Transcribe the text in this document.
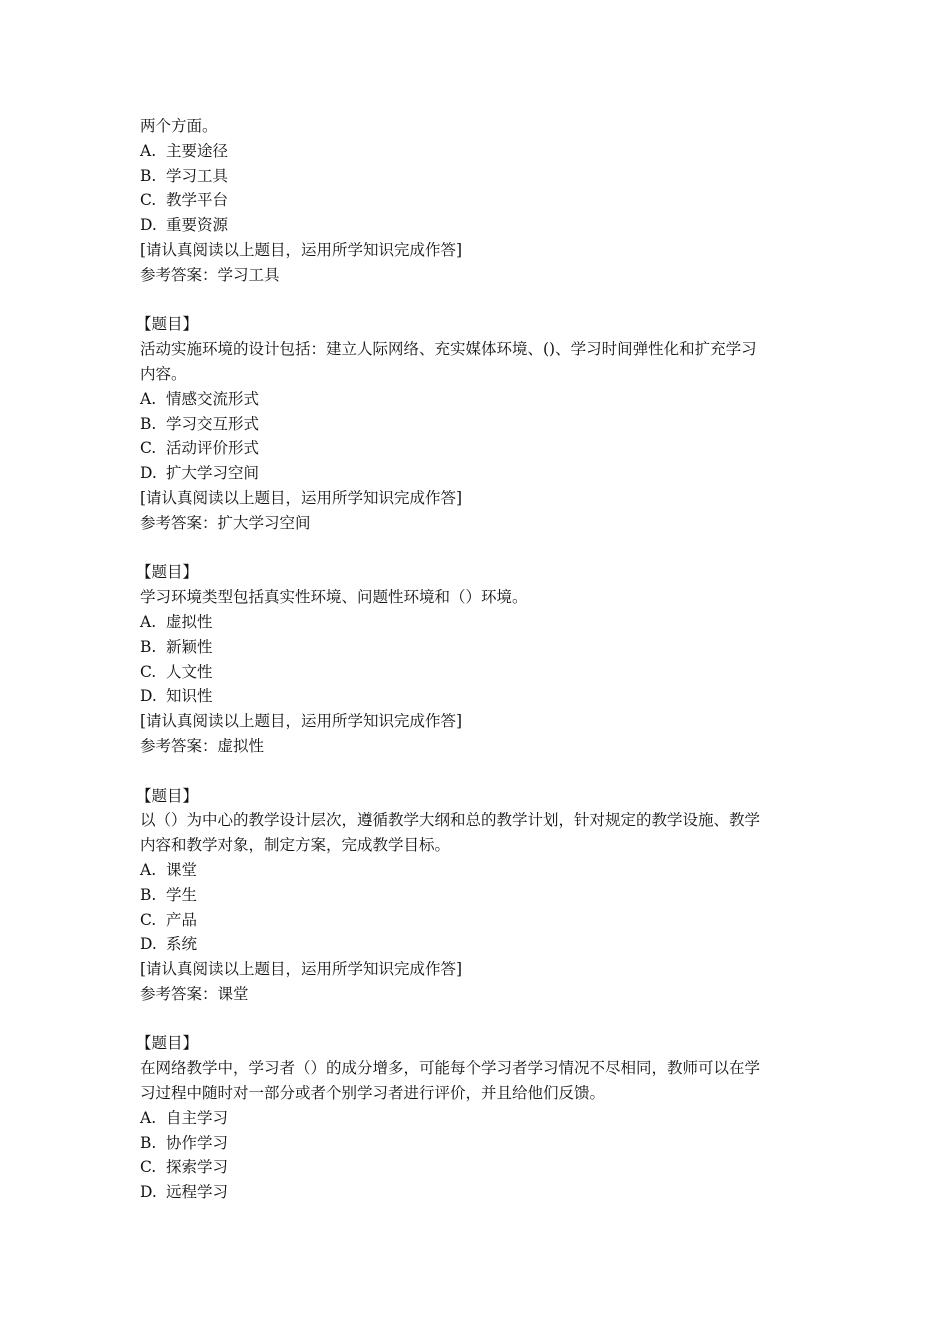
两个方面。

A. 主要途径
B. 学习工具
C. 教学平台
D. 重要资源

[请认真阅读以上题目，运用所学知识完成作答]

参考答案：学习工具

【题目】

活动实施环境的设计包括：建立人际网络、充实媒体环境、()、学习时间弹性化和扩充学习

内容。

A. 情感交流形式
B. 学习交互形式
C. 活动评价形式
D. 扩大学习空间

[请认真阅读以上题目，运用所学知识完成作答]

参考答案：扩大学习空间

【题目】

学习环境类型包括真实性环境、问题性环境和（）环境。

A. 虚拟性
B. 新颖性
C. 人文性
D. 知识性

[请认真阅读以上题目，运用所学知识完成作答]

参考答案：虚拟性

【题目】

以（）为中心的教学设计层次，遵循教学大纲和总的教学计划，针对规定的教学设施、教学

内容和教学对象，制定方案，完成教学目标。

A. 课堂
B. 学生
C. 产品
D. 系统

[请认真阅读以上题目，运用所学知识完成作答]

参考答案：课堂

【题目】

在网络教学中，学习者（）的成分增多，可能每个学习者学习情况不尽相同，教师可以在学

习过程中随时对一部分或者个别学习者进行评价，并且给他们反馈。

A. 自主学习
B. 协作学习
C. 探索学习
D. 远程学习
